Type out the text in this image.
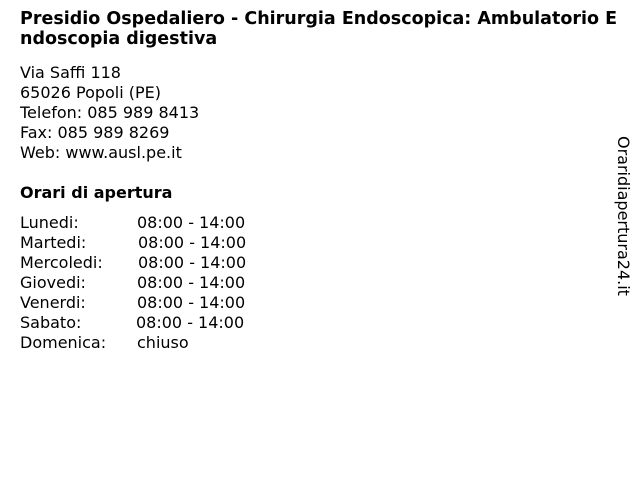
Presidio Ospedaliero - Chirurgia Endoscopica: Ambulatorio Endoscopia digestiva
Via Saffi 118
65026 Popoli (PE)
Telefon: 085 989 8413
Fax: 085 989 8269
Web: www.ausl.pe.it
Orari di apertura
Lunedi:	08:00 - 14:00
Martedi:	08:00 - 14:00
Mercoledi: 08:00 - 14:00
Giovedi:	08:00 - 14:00
Venerdi:	08:00 - 14:00
Sabato:	08:00 - 14:00
Domenica: chiuso
Oraridiapertura24.it
